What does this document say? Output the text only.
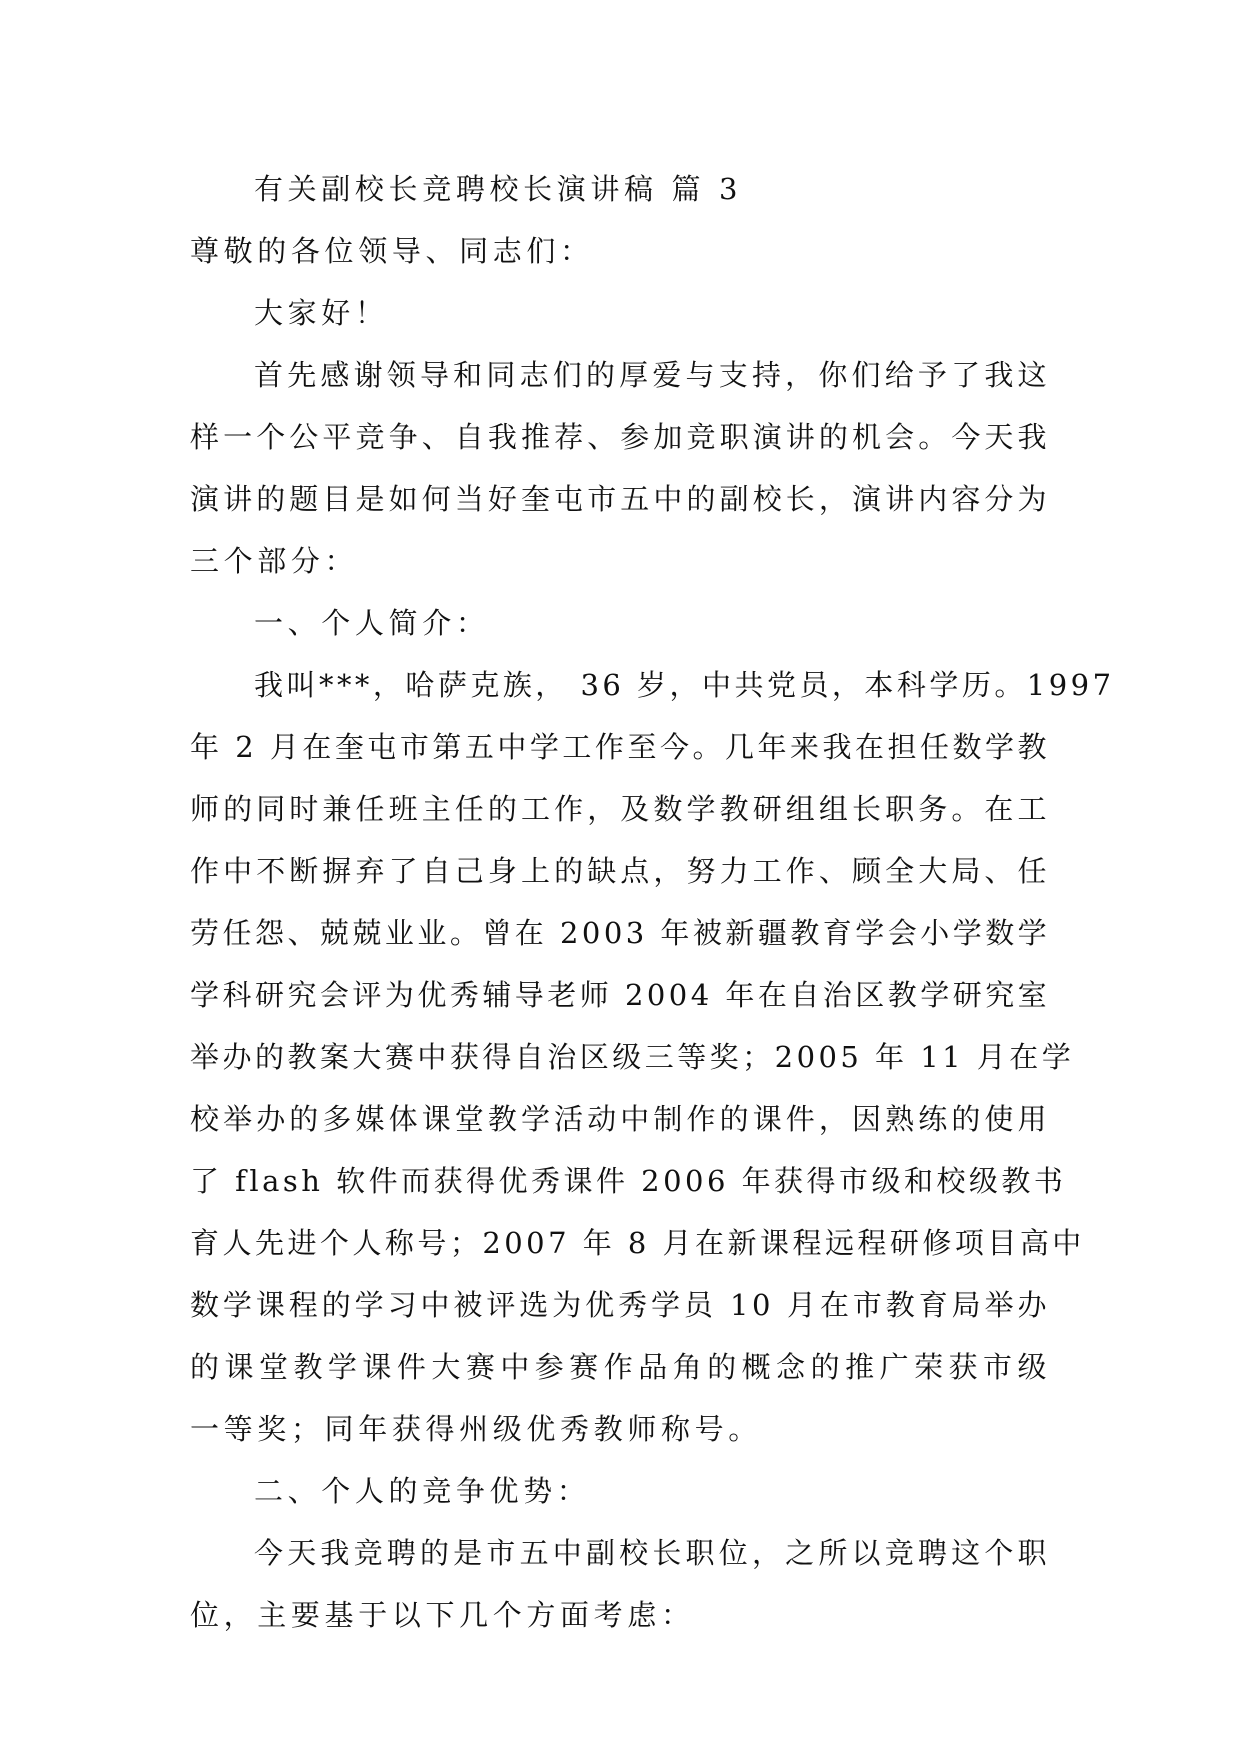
有关副校长竞聘校长演讲稿 篇 3
尊敬的各位领导、同志们：
大家好！
首先感谢领导和同志们的厚爱与支持，你们给予了我这
样一个公平竞争、自我推荐、参加竞职演讲的机会。今天我
演讲的题目是如何当好奎屯市五中的副校长，演讲内容分为
三个部分：
一、个人简介：
我叫***，哈萨克族， 36 岁，中共党员，本科学历。1997
年 2 月在奎屯市第五中学工作至今。几年来我在担任数学教
师的同时兼任班主任的工作，及数学教研组组长职务。在工
作中不断摒弃了自己身上的缺点，努力工作、顾全大局、任
劳任怨、兢兢业业。曾在 2003 年被新疆教育学会小学数学
学科研究会评为优秀辅导老师 2004 年在自治区教学研究室
举办的教案大赛中获得自治区级三等奖；2005 年 11 月在学
校举办的多媒体课堂教学活动中制作的课件，因熟练的使用
了 flash 软件而获得优秀课件 2006 年获得市级和校级教书
育人先进个人称号；2007 年 8 月在新课程远程研修项目高中
数学课程的学习中被评选为优秀学员 10 月在市教育局举办
的课堂教学课件大赛中参赛作品角的概念的推广荣获市级
一等奖；同年获得州级优秀教师称号。
二、个人的竞争优势：
今天我竞聘的是市五中副校长职位，之所以竞聘这个职
位，主要基于以下几个方面考虑：
